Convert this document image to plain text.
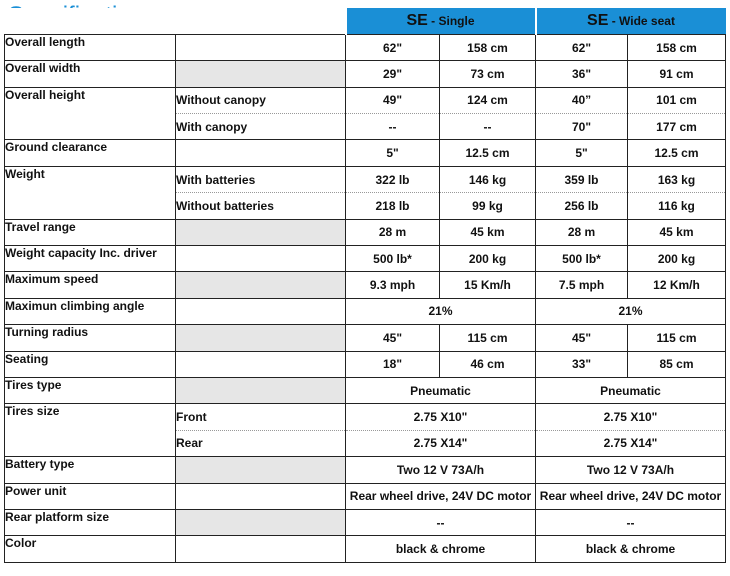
		SE - Single		SE - Wide seat	
Overall length		62"	158 cm	62"	158 cm
Overall width		29"	73 cm	36"	91 cm
Overall height	Without canopy	49"	124 cm	40”	101 cm
	With canopy	--	--	70"	177 cm
Ground clearance		5"	12.5 cm	5"	12.5 cm
Weight	With batteries	322 lb	146 kg	359 lb	163 kg
	Without batteries	218 lb	99 kg	256 lb	116 kg
Travel range		28 m	45 km	28 m	45 km
Weight capacity Inc. driver		500 lb*	200 kg	500 lb*	200 kg
Maximum speed		9.3 mph	15 Km/h	7.5 mph	12 Km/h
Maximun climbing angle		21%		21%	
Turning radius		45"	115 cm	45"	115 cm
Seating		18"	46 cm	33"	85 cm
Tires type		Pneumatic		Pneumatic	
Tires size	Front	2.75 X10"		2.75 X10"	
	Rear	2.75 X14"		2.75 X14"	
Battery type		Two 12 V 73A/h		Two 12 V 73A/h	
Power unit		Rear wheel drive, 24V DC motor		Rear wheel drive, 24V DC motor	
Rear platform size		--		--	
Color		black & chrome		black & chrome	
